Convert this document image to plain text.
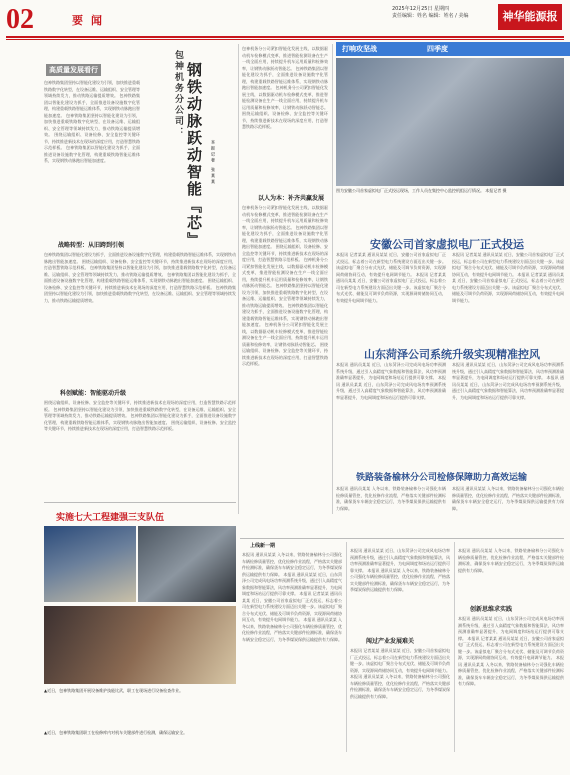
02	要闻
2025年12月25日 星期四
责任编辑：姓名 编辑：姓名 / 美编	神华能源报
高质量发展看行
包神铁路集团坚持以智能化建设为引领，加快推进重载铁路数字化转型，在设备运维、运输组织、安全管理等领域持续发力，推动铁路运输提质增效。 包神铁路集团以智能化建设为抓手，全面推进设备设施数字化管理，构建重载铁路智能运维体系，实现钢铁动脉跑出智能加速度。 包神铁路集团坚持以智能化建设为引领，加快推进重载铁路数字化转型，在设备运维、运输组织、安全管理等领域持续发力，推动铁路运输提质增效。 围绕运输组织、设备检修、安全监控等关键环节，持续推进新技术在现场的深度应用，打造智慧铁路示范样板。 包神铁路集团以智能化建设为抓手，全面推进设备设施数字化管理，构建重载铁路智能运维体系，实现钢铁动脉跑出智能加速度。
战略转型：从旧跨到引领
包神铁路集团以智能化建设为抓手，全面推进设备设施数字化管理，构建重载铁路智能运维体系，实现钢铁动脉跑出智能加速度。 围绕运输组织、设备检修、安全监控等关键环节，持续推进新技术在现场的深度应用，打造智慧铁路示范样板。 包神铁路集团坚持以智能化建设为引领，加快推进重载铁路数字化转型，在设备运维、运输组织、安全管理等领域持续发力，推动铁路运输提质增效。 包神铁路集团以智能化建设为抓手，全面推进设备设施数字化管理，构建重载铁路智能运维体系，实现钢铁动脉跑出智能加速度。 围绕运输组织、设备检修、安全监控等关键环节，持续推进新技术在现场的深度应用，打造智慧铁路示范样板。 包神铁路集团坚持以智能化建设为引领，加快推进重载铁路数字化转型，在设备运维、运输组织、安全管理等领域持续发力，推动铁路运输提质增效。
科创赋能：智能驱动升级
围绕运输组织、设备检修、安全监控等关键环节，持续推进新技术在现场的深度应用，打造智慧铁路示范样板。 包神铁路集团坚持以智能化建设为引领，加快推进重载铁路数字化转型，在设备运维、运输组织、安全管理等领域持续发力，推动铁路运输提质增效。 包神铁路集团以智能化建设为抓手，全面推进设备设施数字化管理，构建重载铁路智能运维体系，实现钢铁动脉跑出智能加速度。 围绕运输组织、设备检修、安全监控等关键环节，持续推进新技术在现场的深度应用，打造智慧铁路示范样板。
实施七大工程建强三支队伍
▲近日，包神铁路集团开展设备维护技能比武，职工在现场进行设备检查作业。
▲近日，包神铁路集团职工在检修库内对机车关键部件进行检测，确保运输安全。
包神机务分公司： 钢铁动脉跃动智能『芯』	本报记者 张某某
包神机务分公司紧扣智能化发展主线，以数据驱动机车检修模式变革，推进智能检测设备在生产一线全面应用，持续提升机车运用质量和检修效率，让钢铁动脉跃动智能芯。 包神铁路集团以智能化建设为抓手，全面推进设备设施数字化管理，构建重载铁路智能运维体系，实现钢铁动脉跑出智能加速度。 包神机务分公司紧扣智能化发展主线，以数据驱动机车检修模式变革，推进智能检测设备在生产一线全面应用，持续提升机车运用质量和检修效率，让钢铁动脉跃动智能芯。 围绕运输组织、设备检修、安全监控等关键环节，持续推进新技术在现场的深度应用，打造智慧铁路示范样板。
以人为本：补齐共赢发展
包神机务分公司紧扣智能化发展主线，以数据驱动机车检修模式变革，推进智能检测设备在生产一线全面应用，持续提升机车运用质量和检修效率，让钢铁动脉跃动智能芯。 包神铁路集团以智能化建设为抓手，全面推进设备设施数字化管理，构建重载铁路智能运维体系，实现钢铁动脉跑出智能加速度。 围绕运输组织、设备检修、安全监控等关键环节，持续推进新技术在现场的深度应用，打造智慧铁路示范样板。 包神机务分公司紧扣智能化发展主线，以数据驱动机车检修模式变革，推进智能检测设备在生产一线全面应用，持续提升机车运用质量和检修效率，让钢铁动脉跃动智能芯。 包神铁路集团坚持以智能化建设为引领，加快推进重载铁路数字化转型，在设备运维、运输组织、安全管理等领域持续发力，推动铁路运输提质增效。 包神铁路集团以智能化建设为抓手，全面推进设备设施数字化管理，构建重载铁路智能运维体系，实现钢铁动脉跑出智能加速度。 包神机务分公司紧扣智能化发展主线，以数据驱动机车检修模式变革，推进智能检测设备在生产一线全面应用，持续提升机车运用质量和检修效率，让钢铁动脉跃动智能芯。 围绕运输组织、设备检修、安全监控等关键环节，持续推进新技术在现场的深度应用，打造智慧铁路示范样板。
打响攻坚战	四季度
图为安徽公司首家虚拟电厂正式投运现场，工作人员在集控中心监控机组运行情况。 本报记者 摄
安徽公司首家虚拟电厂正式投运
本报讯 记者某某 通讯员某某 近日，安徽公司首家虚拟电厂正式投运，标志着公司在新型电力系统建设方面迈出关键一步。该虚拟电厂聚合分布式光伏、储能及可调节负荷资源，实现源网荷储协同互动，有效提升电网调节能力。 本报讯 记者某某 通讯员某某 近日，安徽公司首家虚拟电厂正式投运，标志着公司在新型电力系统建设方面迈出关键一步。该虚拟电厂聚合分布式光伏、储能及可调节负荷资源，实现源网荷储协同互动，有效提升电网调节能力。
本报讯 记者某某 通讯员某某 近日，安徽公司首家虚拟电厂正式投运，标志着公司在新型电力系统建设方面迈出关键一步。该虚拟电厂聚合分布式光伏、储能及可调节负荷资源，实现源网荷储协同互动，有效提升电网调节能力。 本报讯 记者某某 通讯员某某 近日，安徽公司首家虚拟电厂正式投运，标志着公司在新型电力系统建设方面迈出关键一步。该虚拟电厂聚合分布式光伏、储能及可调节负荷资源，实现源网荷储协同互动，有效提升电网调节能力。
山东菏泽公司系统升级实现精准控风
本报讯 通讯员某某 近日，山东菏泽公司完成风电场功率预测系统升级，通过引入高精度气象数据和智能算法，风功率预测准确率显著提升，为电网调度和场站运行提供可靠支撑。 本报讯 通讯员某某 近日，山东菏泽公司完成风电场功率预测系统升级，通过引入高精度气象数据和智能算法，风功率预测准确率显著提升，为电网调度和场站运行提供可靠支撑。
本报讯 通讯员某某 近日，山东菏泽公司完成风电场功率预测系统升级，通过引入高精度气象数据和智能算法，风功率预测准确率显著提升，为电网调度和场站运行提供可靠支撑。 本报讯 通讯员某某 近日，山东菏泽公司完成风电场功率预测系统升级，通过引入高精度气象数据和智能算法，风功率预测准确率显著提升，为电网调度和场站运行提供可靠支撑。
铁路装备榆林分公司检修保障助力高效运输
本报讯 通讯员某某 入冬以来，铁路装备榆林分公司强化车辆检修质量管控，优化检修作业流程，严格落实关键部件检测标准，确保货车车辆安全稳定运行，为冬季煤炭保供运输提供有力保障。
本报讯 通讯员某某 入冬以来，铁路装备榆林分公司强化车辆检修质量管控，优化检修作业流程，严格落实关键部件检测标准，确保货车车辆安全稳定运行，为冬季煤炭保供运输提供有力保障。
上线新一期
本报讯 通讯员某某 入冬以来，铁路装备榆林分公司强化车辆检修质量管控，优化检修作业流程，严格落实关键部件检测标准，确保货车车辆安全稳定运行，为冬季煤炭保供运输提供有力保障。 本报讯 通讯员某某 近日，山东菏泽公司完成风电场功率预测系统升级，通过引入高精度气象数据和智能算法，风功率预测准确率显著提升，为电网调度和场站运行提供可靠支撑。 本报讯 记者某某 通讯员某某 近日，安徽公司首家虚拟电厂正式投运，标志着公司在新型电力系统建设方面迈出关键一步。该虚拟电厂聚合分布式光伏、储能及可调节负荷资源，实现源网荷储协同互动，有效提升电网调节能力。 本报讯 通讯员某某 入冬以来，铁路装备榆林分公司强化车辆检修质量管控，优化检修作业流程，严格落实关键部件检测标准，确保货车车辆安全稳定运行，为冬季煤炭保供运输提供有力保障。	闯过产业发展难关
本报讯 通讯员某某 近日，山东菏泽公司完成风电场功率预测系统升级，通过引入高精度气象数据和智能算法，风功率预测准确率显著提升，为电网调度和场站运行提供可靠支撑。 本报讯 通讯员某某 入冬以来，铁路装备榆林分公司强化车辆检修质量管控，优化检修作业流程，严格落实关键部件检测标准，确保货车车辆安全稳定运行，为冬季煤炭保供运输提供有力保障。
本报讯 记者某某 通讯员某某 近日，安徽公司首家虚拟电厂正式投运，标志着公司在新型电力系统建设方面迈出关键一步。该虚拟电厂聚合分布式光伏、储能及可调节负荷资源，实现源网荷储协同互动，有效提升电网调节能力。 本报讯 通讯员某某 入冬以来，铁路装备榆林分公司强化车辆检修质量管控，优化检修作业流程，严格落实关键部件检测标准，确保货车车辆安全稳定运行，为冬季煤炭保供运输提供有力保障。
本报讯 通讯员某某 入冬以来，铁路装备榆林分公司强化车辆检修质量管控，优化检修作业流程，严格落实关键部件检测标准，确保货车车辆安全稳定运行，为冬季煤炭保供运输提供有力保障。
创新思维求实践
本报讯 通讯员某某 近日，山东菏泽公司完成风电场功率预测系统升级，通过引入高精度气象数据和智能算法，风功率预测准确率显著提升，为电网调度和场站运行提供可靠支撑。 本报讯 记者某某 通讯员某某 近日，安徽公司首家虚拟电厂正式投运，标志着公司在新型电力系统建设方面迈出关键一步。该虚拟电厂聚合分布式光伏、储能及可调节负荷资源，实现源网荷储协同互动，有效提升电网调节能力。 本报讯 通讯员某某 入冬以来，铁路装备榆林分公司强化车辆检修质量管控，优化检修作业流程，严格落实关键部件检测标准，确保货车车辆安全稳定运行，为冬季煤炭保供运输提供有力保障。
